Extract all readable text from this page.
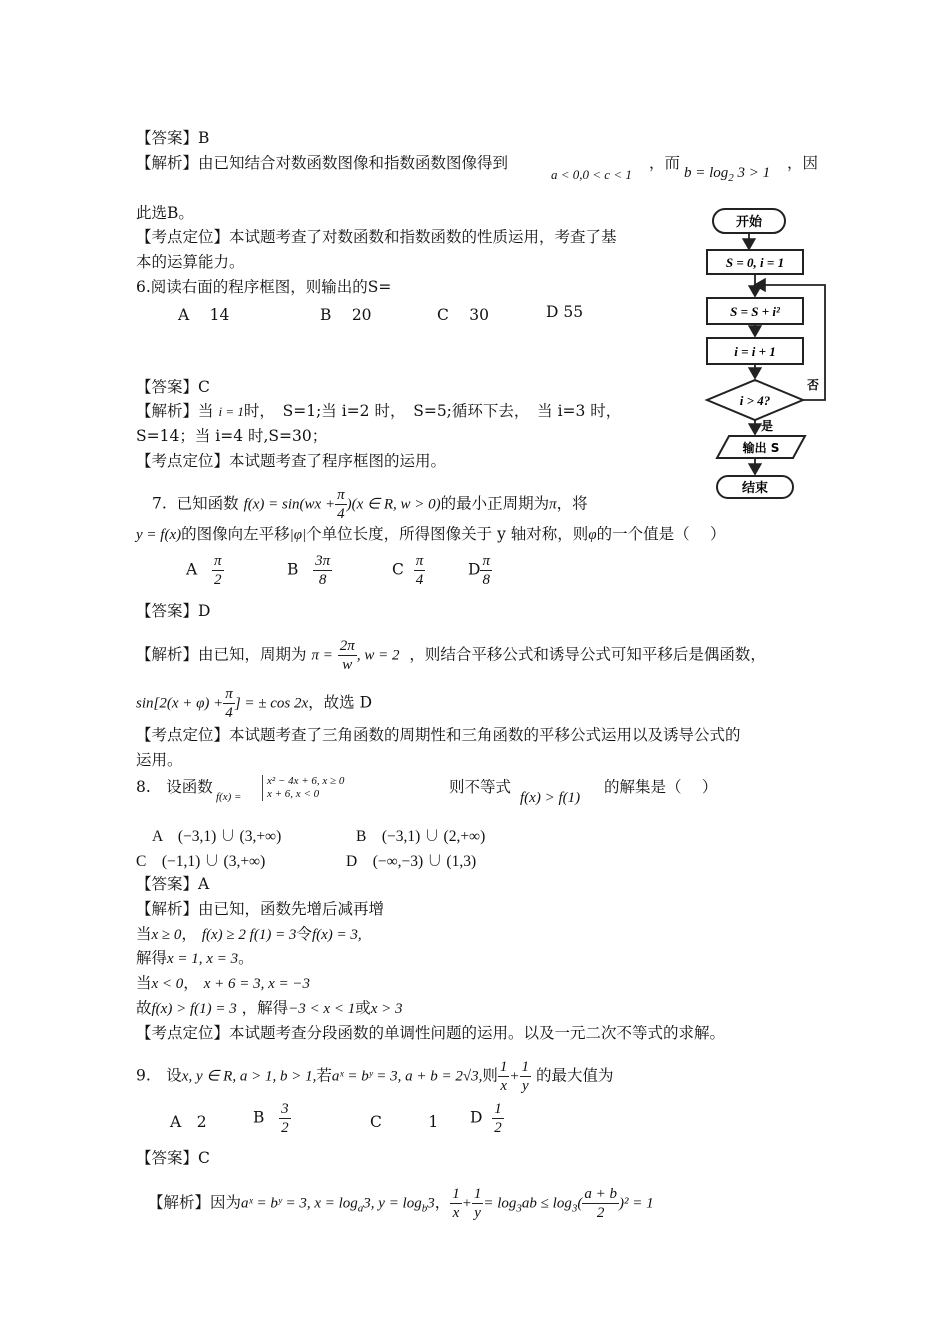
【答案】B
【解析】由已知结合对数函数图像和指数函数图像得到
a < 0,0 < c < 1
，而
$b = \log_2 3 > 1$
，因
此选B。
【考点定位】本试题考查了对数函数和指数函数的性质运用，考查了基
本的运算能力。
6.阅读右面的程序框图，则输出的S=
A　 14	B　 20	C　 30	D 55
【答案】C
【解析】当 i = 1时，　S=1;当 i=2 时，　S=5;循环下去，　当 i=3 时，
S=14；当 i=4 时,S=30；
【考点定位】本试题考查了程序框图的运用。
开始
S = 0, i = 1
S = S + i²
i = i + 1
i > 4?
否
是
输出 S
结束
7. 已知函数 $f(x) = \sin(wx + \frac{\pi}{4} )(x$ ∈ R, w > 0)的最小正周期为π，将
y = f(x)的图像向左平移|φ|个单位长度，所得图像关于 y 轴对称，则φ的一个值是（　 ）
A $\frac{\pi}{2}$	B $\frac{3\pi}{8}$	C $\frac{\pi}{4}$	D $\frac{\pi}{8}$
【答案】D
【解析】由已知，周期为 $\pi = \frac{2\pi}{w}$ , w = 2 ，则结合平移公式和诱导公式可知平移后是偶函数，
$\sin[2(x + \varphi) + \frac{\pi}{4}$ ] = ± cos 2x，故选 D
【考点定位】本试题考查了三角函数的周期性和三角函数的平移公式运用以及诱导公式的
运用。
8.　设函数
f(x) =
x² − 4x + 6, x ≥ 0
x + 6, x < 0	则不等式
f(x) > f(1)
的解集是（　 ）
A　(−3,1) ∪ (3,+∞)	B　(−3,1) ∪ (2,+∞)
C　(−1,1) ∪ (3,+∞)	D　(−∞,−3) ∪ (1,3)
【答案】A
【解析】由已知，函数先增后减再增
当x ≥ 0， f(x) ≥ 2 f(1) = 3令f(x) = 3,
解得x = 1, x = 3。
当x < 0， x + 6 = 3, x = −3
故f(x) > f(1) = 3 ，解得−3 < x < 1或x > 3
【考点定位】本试题考查分段函数的单调性问题的运用。以及一元二次不等式的求解。
9.　设x, y ∈ R, a > 1, b > 1,若aˣ = bʸ = 3, a + b = 2√3,则 $\frac{1}{x} + \frac{1}{y}$ 的最大值为
A　2	B $\frac{3}{2}$	C　　　1 D $\frac{1}{2}$
【答案】C
【解析】因为aˣ = bʸ = 3, $x = \log_a3$, $y = \log_b3$， $\frac{1}{x} + \frac{1}{y} = \log_3ab \le \log_3( \frac{a + b}{2} )^2 = 1$
